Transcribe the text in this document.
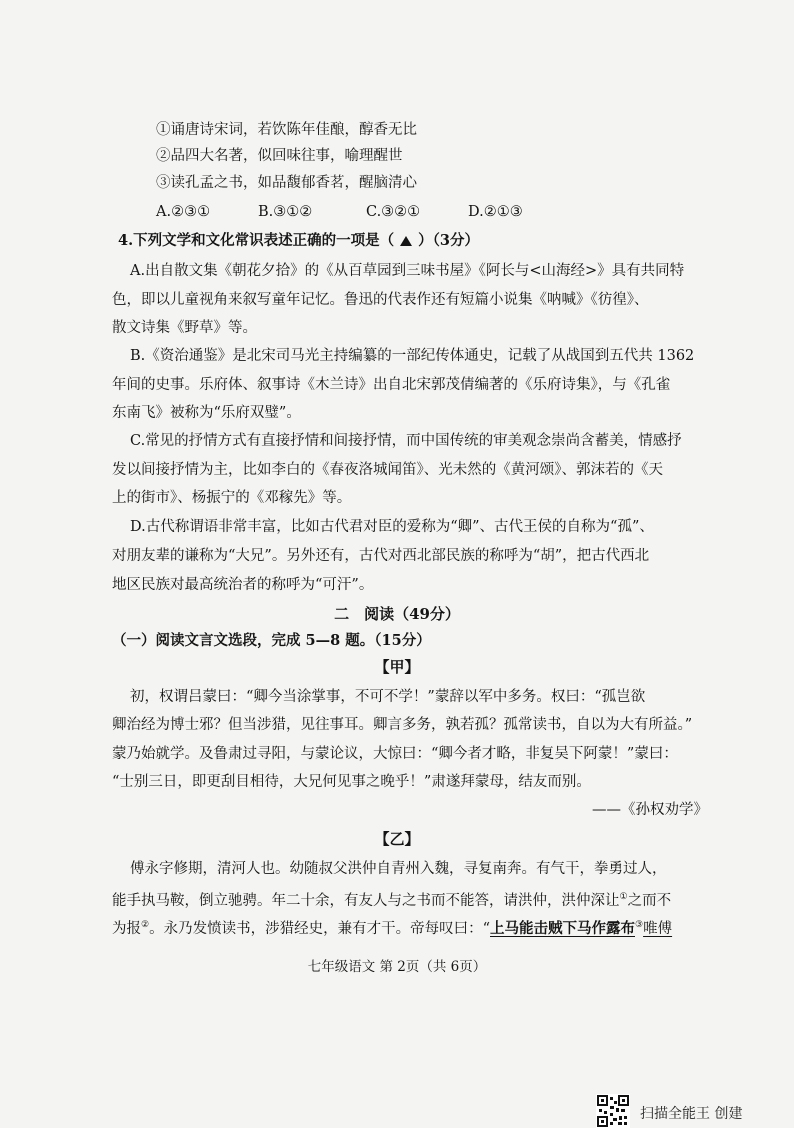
①诵唐诗宋词，若饮陈年佳酿，醇香无比
②品四大名著，似回味往事，喻理醒世
③读孔孟之书，如品馥郁香茗，醒脑清心
A.②③①	B.③①②	C.③②①	D.②①③
4.下列文学和文化常识表述正确的一项是（ ）（3分）
A.出自散文集《朝花夕拾》的《从百草园到三味书屋》《阿长与<山海经>》具有共同特
色，即以儿童视角来叙写童年记忆。鲁迅的代表作还有短篇小说集《呐喊》《彷徨》、
散文诗集《野草》等。
B.《资治通鉴》是北宋司马光主持编纂的一部纪传体通史，记载了从战国到五代共 1362
年间的史事。乐府体、叙事诗《木兰诗》出自北宋郭茂倩编著的《乐府诗集》，与《孔雀
东南飞》被称为“乐府双璧”。
C.常见的抒情方式有直接抒情和间接抒情，而中国传统的审美观念崇尚含蓄美，情感抒
发以间接抒情为主，比如李白的《春夜洛城闻笛》、光未然的《黄河颂》、郭沫若的《天
上的街市》、杨振宁的《邓稼先》等。
D.古代称谓语非常丰富，比如古代君对臣的爱称为“卿”、古代王侯的自称为“孤”、
对朋友辈的谦称为“大兄”。另外还有，古代对西北部民族的称呼为“胡”，把古代西北
地区民族对最高统治者的称呼为“可汗”。
二　阅读（49分）
（一）阅读文言文选段，完成 5—8 题。（15分）
【甲】
初，权谓吕蒙曰：“卿今当涂掌事，不可不学！”蒙辞以军中多务。权曰：“孤岂欲
卿治经为博士邪？但当涉猎，见往事耳。卿言多务，孰若孤？孤常读书，自以为大有所益。”
蒙乃始就学。及鲁肃过寻阳，与蒙论议，大惊曰：“卿今者才略，非复吴下阿蒙！”蒙曰：
“士别三日，即更刮目相待，大兄何见事之晚乎！”肃遂拜蒙母，结友而别。
——《孙权劝学》
【乙】
傅永字修期，清河人也。幼随叔父洪仲自青州入魏，寻复南奔。有气干，拳勇过人，
能手执马鞍，倒立驰骋。年二十余，有友人与之书而不能答，请洪仲，洪仲深让①之而不
为报②。永乃发愤读书，涉猎经史，兼有才干。帝每叹曰：“上马能击贼下马作露布③唯傅
七年级语文 第 2页（共 6页）
扫描全能王 创建
